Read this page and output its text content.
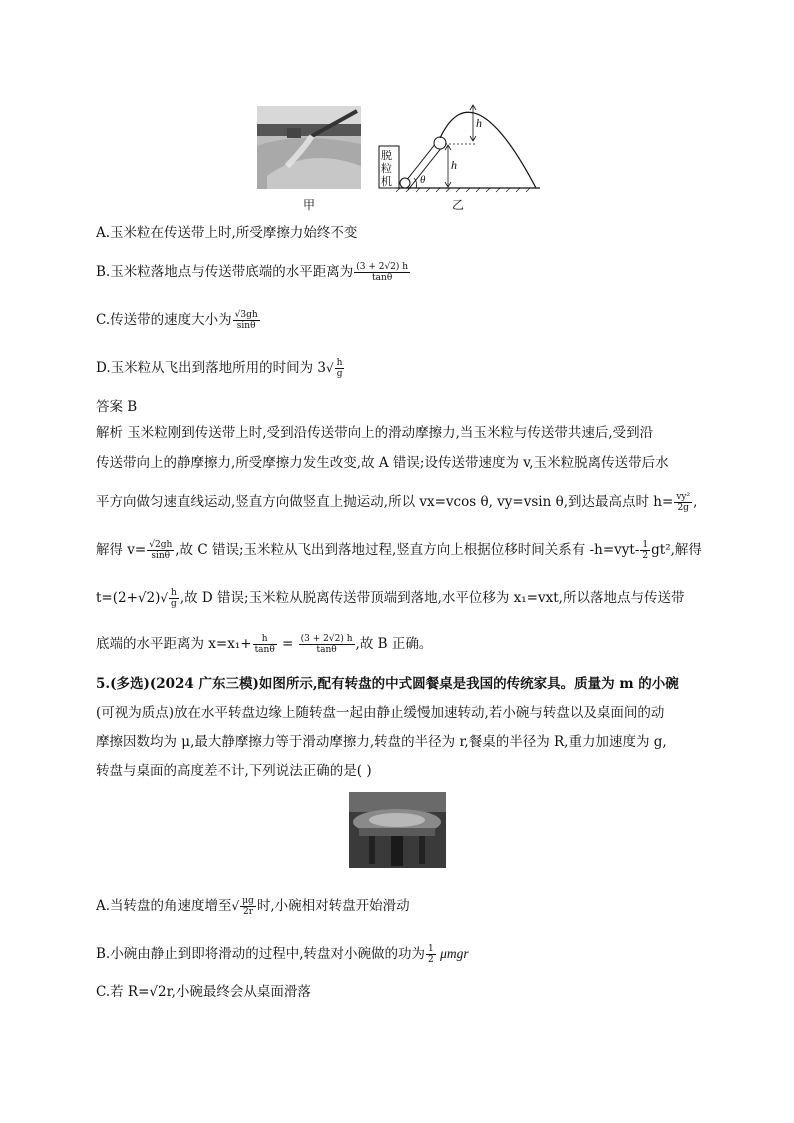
甲
脱粒机
h
h
θ
乙
A.玉米粒在传送带上时,所受摩擦力始终不变
B.玉米粒落地点与传送带底端的水平距离为 $\frac{(3 + 2√2) h}{\tan\theta}$
C.传送带的速度大小为 $\frac{√3gh}{\sin\theta}$
D.玉米粒从飞出到落地所用的时间为 $3√ \frac{h}{g}$
答案 B
解析 玉米粒刚到传送带上时,受到沿传送带向上的滑动摩擦力,当玉米粒与传送带共速后,受到沿
传送带向上的静摩擦力,所受摩擦力发生改变,故 A 错误;设传送带速度为 v,玉米粒脱离传送带后水
平方向做匀速直线运动,竖直方向做竖直上抛运动,所以 vx=vcos θ, vy=vsin θ,到达最高点时 $h= \frac{\text{vy²}}{2g}$ ,
解得 $v= \frac{√2gh}{\sin\theta}$ ,故 C 错误;玉米粒从飞出到落地过程,竖直方向上根据位移时间关系有 $-h=vyt- \frac{1}{2} gt^2$,解得
$t=(2+√2)√ \frac{h}{g}$ ,故 D 错误;玉米粒从脱离传送带顶端到落地,水平位移为 x₁=vxt,所以落地点与传送带
底端的水平距离为 $x=x_1+ \frac{h}{\tan\theta} = \frac{(3 + 2√2) h}{\tan\theta}$ ,故 B 正确。
5.(多选)(2024 广东三模)如图所示,配有转盘的中式圆餐桌是我国的传统家具。质量为 m 的小碗
(可视为质点)放在水平转盘边缘上随转盘一起由静止缓慢加速转动,若小碗与转盘以及桌面间的动
摩擦因数均为 μ,最大静摩擦力等于滑动摩擦力,转盘的半径为 r,餐桌的半径为 R,重力加速度为 g,
转盘与桌面的高度差不计,下列说法正确的是( )
A.当转盘的角速度增至√ $\frac{\mu g}{2r}$ 时,小碗相对转盘开始滑动
B.小碗由静止到即将滑动的过程中,转盘对小碗做的功为 $\frac{1}{2}$ μmgr
C.若 R=√2r,小碗最终会从桌面滑落
